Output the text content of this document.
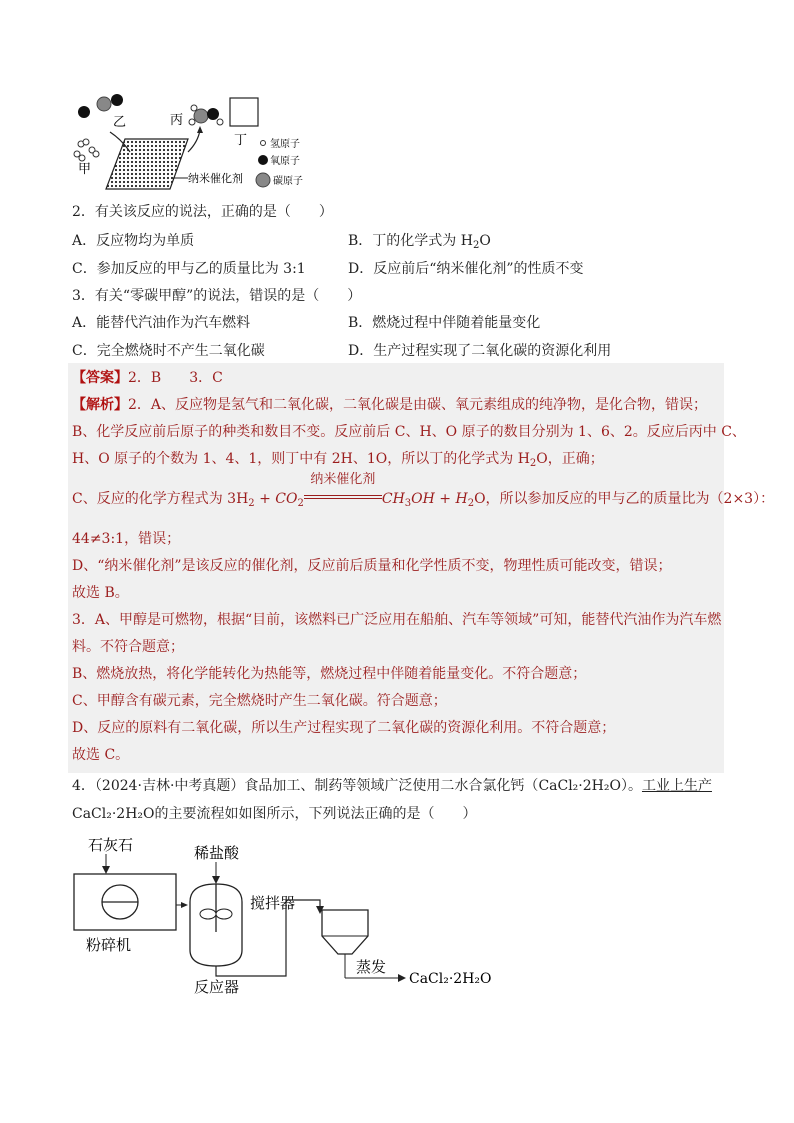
乙
甲
纳米催化剂
丙
丁 氢原子
氧原子
碳原子
2．有关该反应的说法，正确的是（　　）
A．反应物均为单质	B．丁的化学式为 $H_2O$
C．参加反应的甲与乙的质量比为 3:1	D．反应前后“纳米催化剂”的性质不变
3．有关“零碳甲醇”的说法，错误的是（　　）
A．能替代汽油作为汽车燃料	B．燃烧过程中伴随着能量变化
C．完全燃烧时不产生二氧化碳	D．生产过程实现了二氧化碳的资源化利用
【答案】2．B　　3．C
【解析】2．A、反应物是氢气和二氧化碳，二氧化碳是由碳、氧元素组成的纯净物，是化合物，错误；
B、化学反应前后原子的种类和数目不变。反应前后 C、H、O 原子的数目分别为 1、6、2。反应后丙中 C、
H、O 原子的个数为 1、4、1，则丁中有 2H、1O，所以丁的化学式为 $H_2O$，正确；
C、反应的化学方程式为 $3H_2 + CO_2$
纳米催化剂
$CH_3OH + H_2O$，所以参加反应的甲与乙的质量比为（2×3）：
44≠3:1，错误；
D、“纳米催化剂”是该反应的催化剂，反应前后质量和化学性质不变，物理性质可能改变，错误；
故选 B。
3．A、甲醇是可燃物，根据“目前，该燃料已广泛应用在船舶、汽车等领域”可知，能替代汽油作为汽车燃
料。不符合题意；
B、燃烧放热，将化学能转化为热能等，燃烧过程中伴随着能量变化。不符合题意；
C、甲醇含有碳元素，完全燃烧时产生二氧化碳。符合题意；
D、反应的原料有二氧化碳，所以生产过程实现了二氧化碳的资源化利用。不符合题意；
故选 C。
4．（2024·吉林·中考真题）食品加工、制药等领域广泛使用二水合氯化钙（CaCl₂·2H₂O）。工业上生产
CaCl₂·2H₂O的主要流程如如图所示，下列说法正确的是（　　）
石灰石
粉碎机
稀盐酸
搅拌器
反应器
蒸发
CaCl₂·2H₂O
